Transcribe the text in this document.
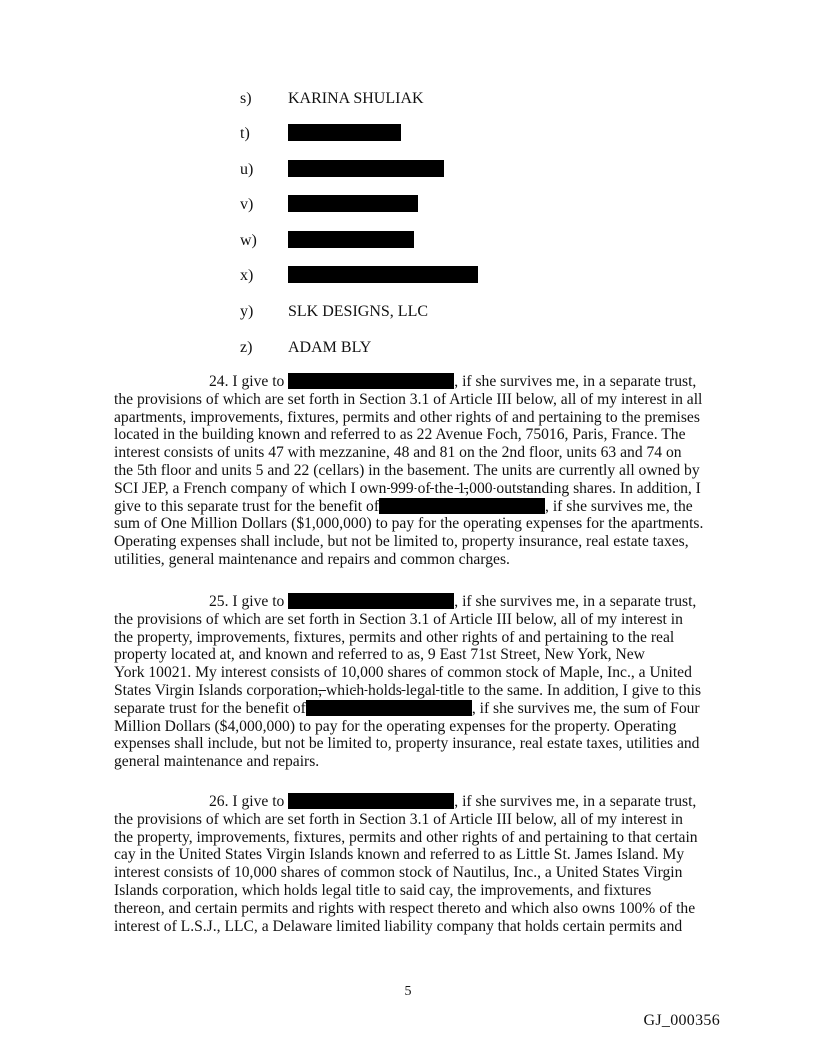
s) KARINA SHULIAK
t)
u)
v)
w)
x)
y) SLK DESIGNS, LLC
z) ADAM BLY
24. I give to	, if she survives me, in a separate trust,
the provisions of which are set forth in Section 3.1 of Article III below, all of my interest in all
apartments, improvements, fixtures, permits and other rights of and pertaining to the premises
located in the building known and referred to as 22 Avenue Foch, 75016, Paris, France. The
interest consists of units 47 with mezzanine, 48 and 81 on the 2nd floor, units 63 and 74 on
the 5th floor and units 5 and 22 (cellars) in the basement. The units are currently all owned by
SCI JEP, a French company of which I own 999 of the 1,000 outstanding shares. In addition, I
give to this separate trust for the benefit of	, if she survives me, the
sum of One Million Dollars ($1,000,000) to pay for the operating expenses for the apartments.
Operating expenses shall include, but not be limited to, property insurance, real estate taxes,
utilities, general maintenance and repairs and common charges.
25. I give to	, if she survives me, in a separate trust,
the provisions of which are set forth in Section 3.1 of Article III below, all of my interest in
the property, improvements, fixtures, permits and other rights of and pertaining to the real
property located at, and known and referred to as, 9 East 71st Street, New York, New
York 10021. My interest consists of 10,000 shares of common stock of Maple, Inc., a United
States Virgin Islands corporation, which holds legal title to the same. In addition, I give to this
separate trust for the benefit of	, if she survives me, the sum of Four
Million Dollars ($4,000,000) to pay for the operating expenses for the property. Operating
expenses shall include, but not be limited to, property insurance, real estate taxes, utilities and
general maintenance and repairs.
26. I give to	, if she survives me, in a separate trust,
the provisions of which are set forth in Section 3.1 of Article III below, all of my interest in
the property, improvements, fixtures, permits and other rights of and pertaining to that certain
cay in the United States Virgin Islands known and referred to as Little St. James Island. My
interest consists of 10,000 shares of common stock of Nautilus, Inc., a United States Virgin
Islands corporation, which holds legal title to said cay, the improvements, and fixtures
thereon, and certain permits and rights with respect thereto and which also owns 100% of the
interest of L.S.J., LLC, a Delaware limited liability company that holds certain permits and
5
GJ_000356
